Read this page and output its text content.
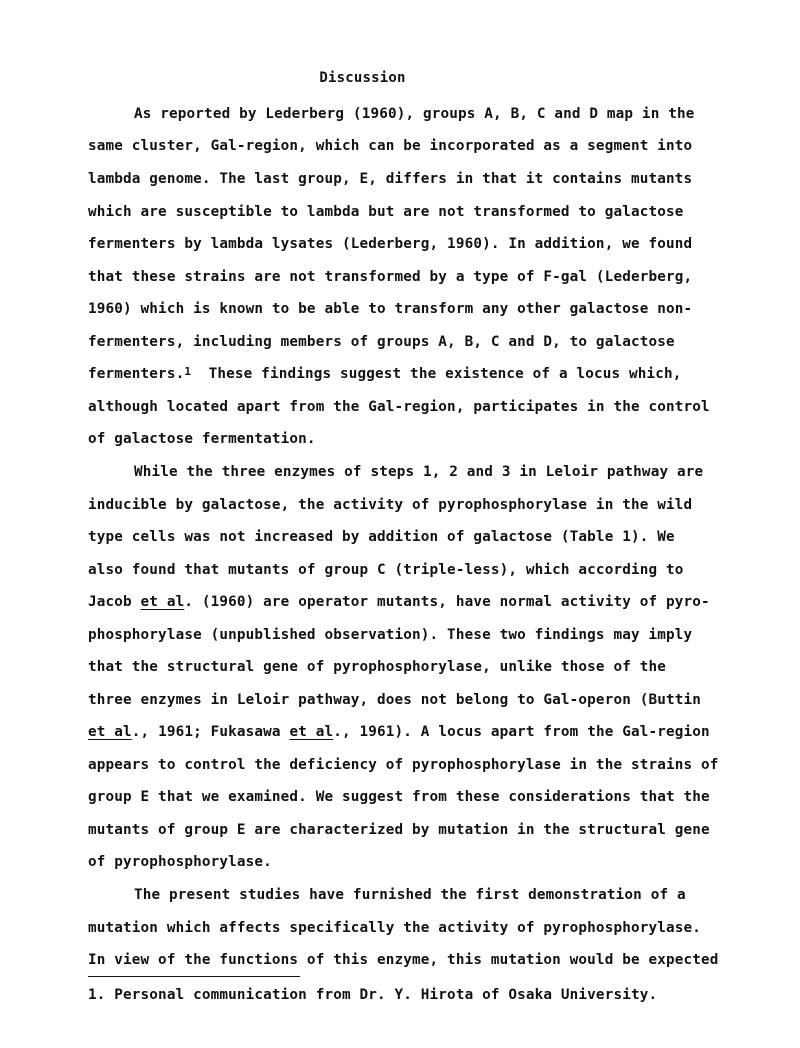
Discussion
As reported by Lederberg (1960), groups A, B, C and D map in the
same cluster, Gal-region, which can be incorporated as a segment into
lambda genome. The last group, E, differs in that it contains mutants
which are susceptible to lambda but are not transformed to galactose
fermenters by lambda lysates (Lederberg, 1960). In addition, we found
that these strains are not transformed by a type of F-gal (Lederberg,
1960) which is known to be able to transform any other galactose non-
fermenters, including members of groups A, B, C and D, to galactose
fermenters.$^1$ These findings suggest the existence of a locus which,
although located apart from the Gal-region, participates in the control
of galactose fermentation.
While the three enzymes of steps 1, 2 and 3 in Leloir pathway are
inducible by galactose, the activity of pyrophosphorylase in the wild
type cells was not increased by addition of galactose (Table 1). We
also found that mutants of group C (triple-less), which according to
Jacob et al. (1960) are operator mutants, have normal activity of pyro-
phosphorylase (unpublished observation). These two findings may imply
that the structural gene of pyrophosphorylase, unlike those of the
three enzymes in Leloir pathway, does not belong to Gal-operon (Buttin
et al., 1961; Fukasawa et al., 1961). A locus apart from the Gal-region
appears to control the deficiency of pyrophosphorylase in the strains of
group E that we examined. We suggest from these considerations that the
mutants of group E are characterized by mutation in the structural gene
of pyrophosphorylase.
The present studies have furnished the first demonstration of a
mutation which affects specifically the activity of pyrophosphorylase.
In view of the functions of this enzyme, this mutation would be expected
1. Personal communication from Dr. Y. Hirota of Osaka University.
